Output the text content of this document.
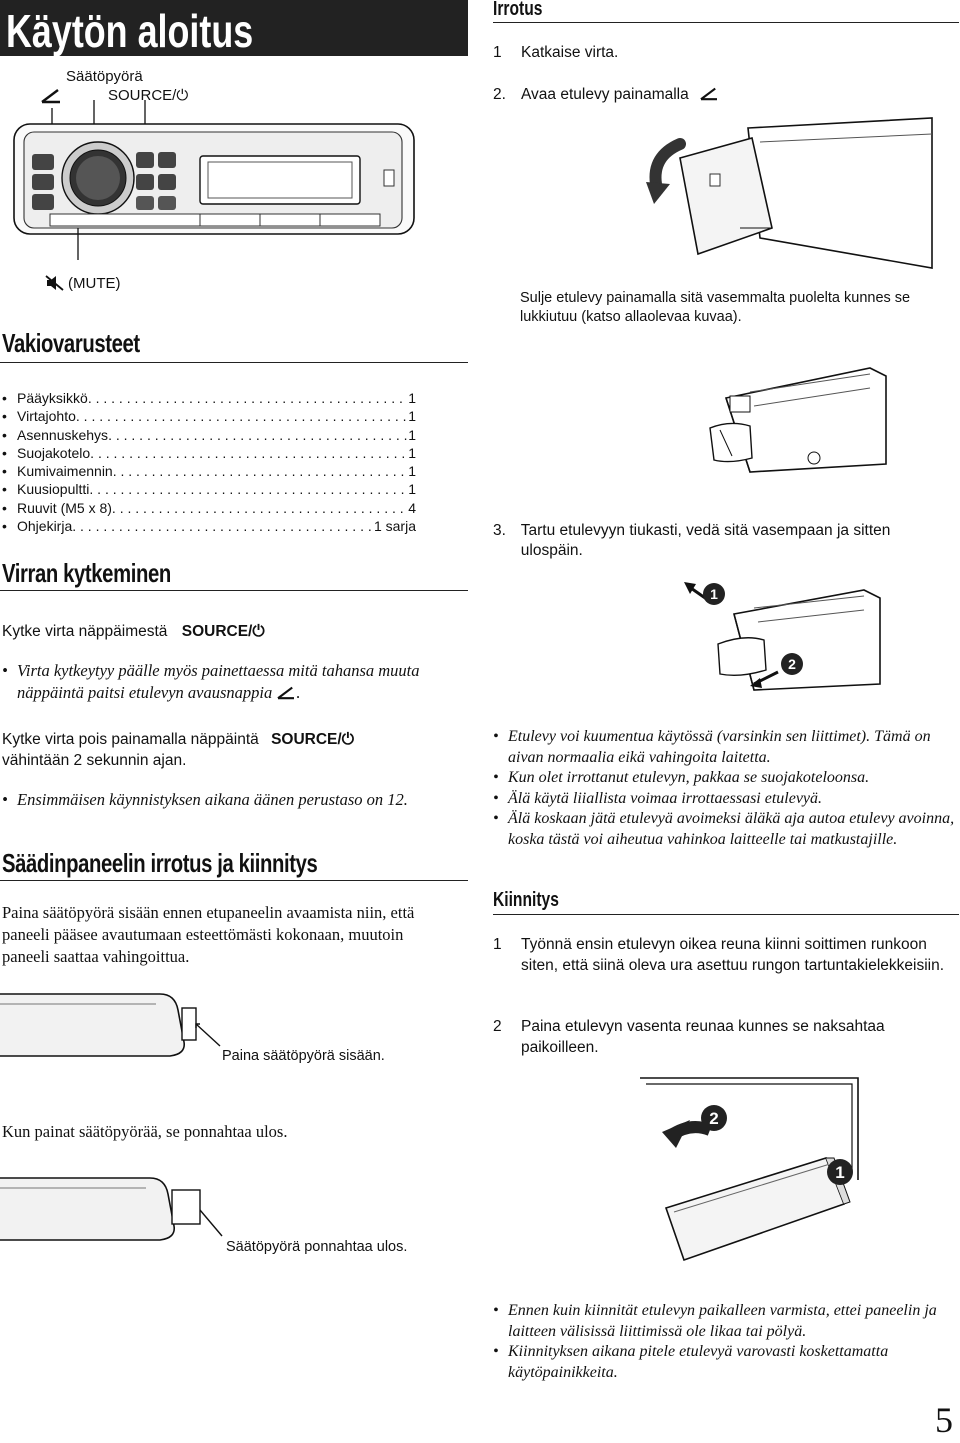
Käytön aloitus
Säätöpyörä
SOURCE/⏻
(MUTE)
Vakiovarusteet
• Pääyksikkö . . .	1
• Virtajohto . . .	1
• Asennuskehys . . .	1
• Suojakotelo . . .	1
• Kumivaimennin . . .	1
• Kuusiopultti . . .	1
• Ruuvit (M5 x 8) . . .	4
• Ohjekirja . . .	1 sarja
Virran kytkeminen
Kytke virta näppäimestä SOURCE/⏻
• Virta kytkeytyy päälle myös painettaessa mitä tahansa muuta näppäintä paitsi etulevyn avausnappia .
Kytke virta pois painamalla näppäintä SOURCE/⏻
vähintään 2 sekunnin ajan.
• Ensimmäisen käynnistyksen aikana äänen perustaso on 12.
Säädinpaneelin irrotus ja kiinnitys
Paina säätöpyörä sisään ennen etupaneelin avaamista niin, että paneeli pääsee avautumaan esteettömästi kokonaan, muutoin paneeli saattaa vahingoittua.
Paina säätöpyörä sisään.
Kun painat säätöpyörää, se ponnahtaa ulos.
Säätöpyörä ponnahtaa ulos.
Irrotus
1 Katkaise virta.
2. Avaa etulevy painamalla
Sulje etulevy painamalla sitä vasemmalta puolelta kunnes se lukkiutuu (katso allaolevaa kuvaa).
3. Tartu etulevyyn tiukasti, vedä sitä vasempaan ja sitten ulospäin.
1
2
• Etulevy voi kuumentua käytössä (varsinkin sen liittimet). Tämä on aivan normaalia eikä vahingoita laitetta.
• Kun olet irrottanut etulevyn, pakkaa se suojakoteloonsa.
• Älä käytä liiallista voimaa irrottaessasi etulevyä.
• Älä koskaan jätä etulevyä avoimeksi äläkä aja autoa etulevy avoinna, koska tästä voi aiheutua vahinkoa laitteelle tai matkustajille.
Kiinnitys
1	Työnnä ensin etulevyn oikea reuna kiinni soittimen runkoon siten, että siinä oleva ura asettuu rungon tartuntakielekkeisiin.
2	Paina etulevyn vasenta reunaa kunnes se naksahtaa paikoilleen.
2
1
• Ennen kuin kiinnität etulevyn paikalleen varmista, ettei paneelin ja laitteen välisissä liittimissä ole likaa tai pölyä.
• Kiinnityksen aikana pitele etulevyä varovasti koskettamatta käytöpainikkeita.
5
